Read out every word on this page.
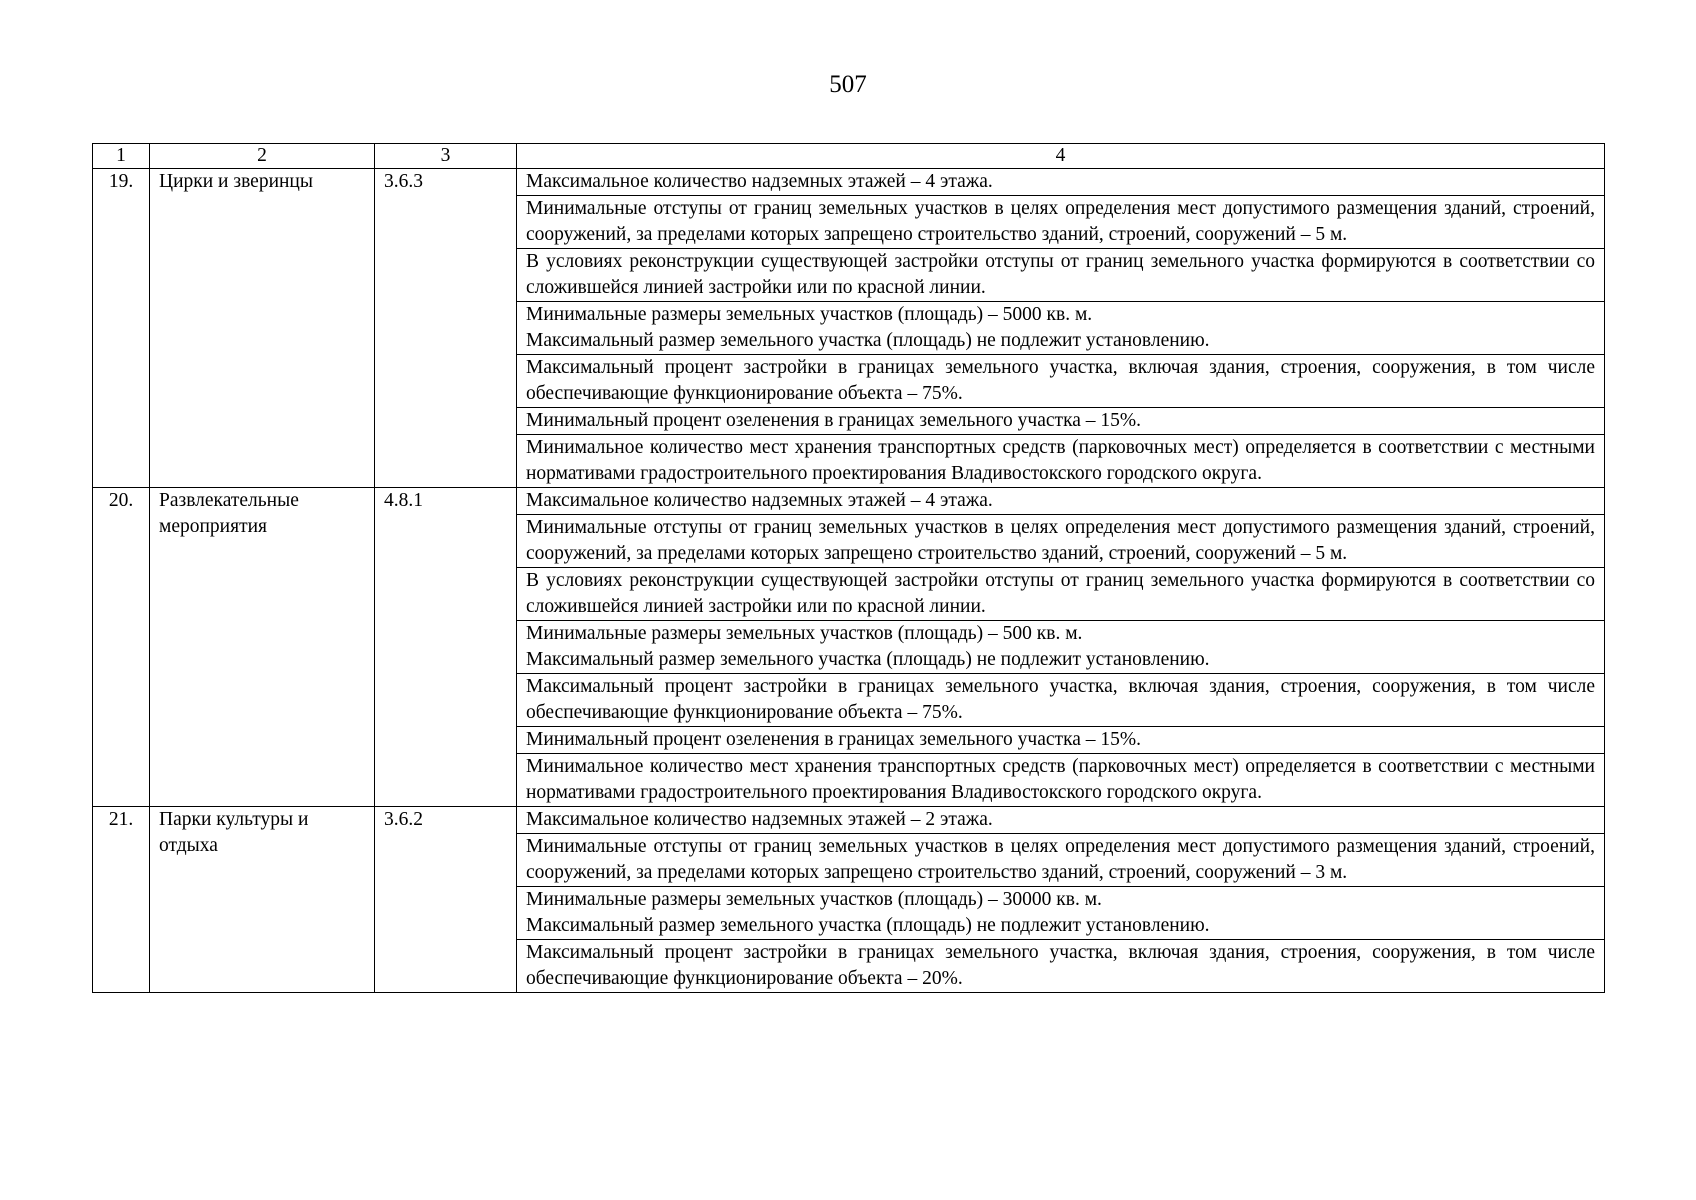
507
1	2	3	4
19.	Цирки и зверинцы	3.6.3	Максимальное количество надземных этажей – 4 этажа.

			Минимальные отступы от границ земельных участков в целях определения мест допустимого размещения зданий, строений, сооружений, за пределами которых запрещено строительство зданий, строений, сооружений – 5 м.

			В условиях реконструкции существующей застройки отступы от границ земельного участка формируются в соответствии со сложившейся линией застройки или по красной линии.

			Минимальные размеры земельных участков (площадь) – 5000 кв. м.
Максимальный размер земельного участка (площадь) не подлежит установлению.

			Максимальный процент застройки в границах земельного участка, включая здания, строения, сооружения, в том числе обеспечивающие функционирование объекта – 75%.

			Минимальный процент озеленения в границах земельного участка – 15%.

			Минимальное количество мест хранения транспортных средств (парковочных мест) определяется в соответствии с местными нормативами градостроительного проектирования Владивостокского городского округа.

20.	Развлекательные мероприятия	4.8.1	Максимальное количество надземных этажей – 4 этажа.

			Минимальные отступы от границ земельных участков в целях определения мест допустимого размещения зданий, строений, сооружений, за пределами которых запрещено строительство зданий, строений, сооружений – 5 м.

			В условиях реконструкции существующей застройки отступы от границ земельного участка формируются в соответствии со сложившейся линией застройки или по красной линии.

			Минимальные размеры земельных участков (площадь) – 500 кв. м.
Максимальный размер земельного участка (площадь) не подлежит установлению.

			Максимальный процент застройки в границах земельного участка, включая здания, строения, сооружения, в том числе обеспечивающие функционирование объекта – 75%.

			Минимальный процент озеленения в границах земельного участка – 15%.

			Минимальное количество мест хранения транспортных средств (парковочных мест) определяется в соответствии с местными нормативами градостроительного проектирования Владивостокского городского округа.

21.	Парки культуры и отдыха	3.6.2	Максимальное количество надземных этажей – 2 этажа.

			Минимальные отступы от границ земельных участков в целях определения мест допустимого размещения зданий, строений, сооружений, за пределами которых запрещено строительство зданий, строений, сооружений – 3 м.

			Минимальные размеры земельных участков (площадь) – 30000 кв. м.
Максимальный размер земельного участка (площадь) не подлежит установлению.

			Максимальный процент застройки в границах земельного участка, включая здания, строения, сооружения, в том числе обеспечивающие функционирование объекта – 20%.
